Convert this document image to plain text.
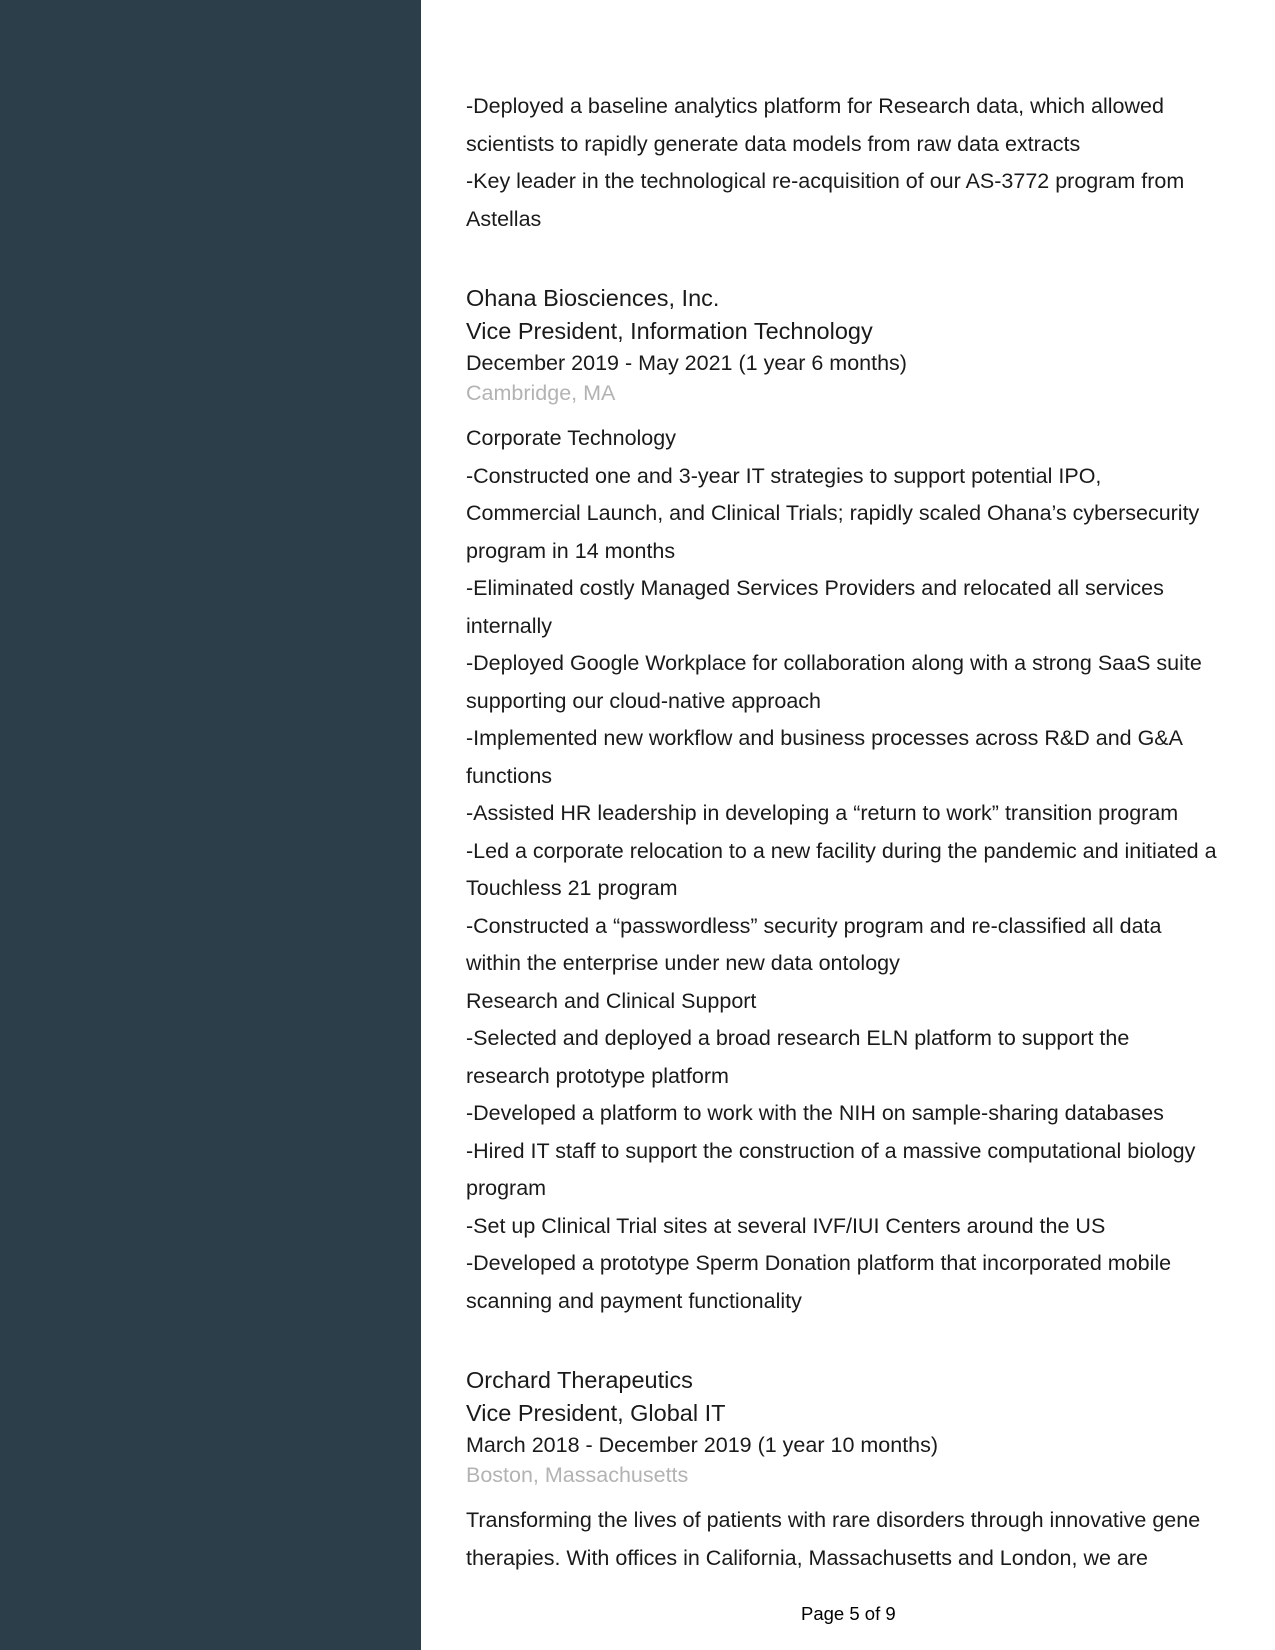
-Deployed a baseline analytics platform for Research data, which allowed
scientists to rapidly generate data models from raw data extracts
-Key leader in the technological re-acquisition of our AS-3772 program from
Astellas
Ohana Biosciences, Inc.
Vice President, Information Technology
December 2019 - May 2021 (1 year 6 months)
Cambridge, MA
Corporate Technology
-Constructed one and 3-year IT strategies to support potential IPO,
Commercial Launch, and Clinical Trials; rapidly scaled Ohana’s cybersecurity
program in 14 months
-Eliminated costly Managed Services Providers and relocated all services
internally
-Deployed Google Workplace for collaboration along with a strong SaaS suite
supporting our cloud-native approach
-Implemented new workflow and business processes across R&D and G&A
functions
-Assisted HR leadership in developing a “return to work” transition program
-Led a corporate relocation to a new facility during the pandemic and initiated a
Touchless 21 program
-Constructed a “passwordless” security program and re-classified all data
within the enterprise under new data ontology
Research and Clinical Support
-Selected and deployed a broad research ELN platform to support the
research prototype platform
-Developed a platform to work with the NIH on sample-sharing databases
-Hired IT staff to support the construction of a massive computational biology
program
-Set up Clinical Trial sites at several IVF/IUI Centers around the US
-Developed a prototype Sperm Donation platform that incorporated mobile
scanning and payment functionality
Orchard Therapeutics
Vice President, Global IT
March 2018 - December 2019 (1 year 10 months)
Boston, Massachusetts
Transforming the lives of patients with rare disorders through innovative gene
therapies. With offices in California, Massachusetts and London, we are
Page 5 of 9
